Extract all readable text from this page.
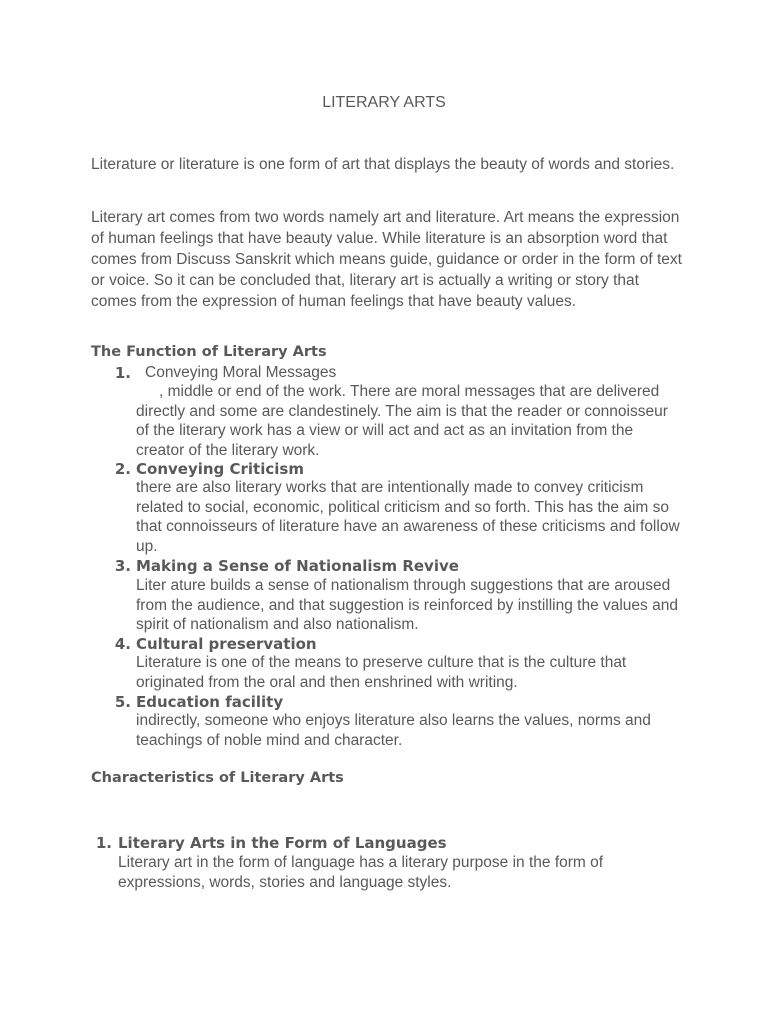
LITERARY ARTS

Literature or literature is one form of art that displays the beauty of words and stories.

Literary art comes from two words namely art and literature. Art means the expression of human feelings that have beauty value. While literature is an absorption word that comes from Discuss Sanskrit which means guide, guidance or order in the form of text or voice. So it can be concluded that, literary art is actually a writing or story that comes from the expression of human feelings that have beauty values.

The Function of Literary Arts
1. Conveying Moral Messages

, middle or end of the work. There are moral messages that are delivered directly and some are clandestinely. The aim is that the reader or connoisseur of the literary work has a view or will act and act as an invitation from the creator of the literary work.

2. Conveying Criticism

there are also literary works that are intentionally made to convey criticism related to social, economic, political criticism and so forth. This has the aim so that connoisseurs of literature have an awareness of these criticisms and follow up.

3. Making a Sense of Nationalism Revive

Liter ature builds a sense of nationalism through suggestions that are aroused from the audience, and that suggestion is reinforced by instilling the values and spirit of nationalism and also nationalism.

4. Cultural preservation

Literature is one of the means to preserve culture that is the culture that originated from the oral and then enshrined with writing.

5. Education facility

indirectly, someone who enjoys literature also learns the values, norms and teachings of noble mind and character.

Characteristics of Literary Arts
1. Literary Arts in the Form of Languages

Literary art in the form of language has a literary purpose in the form of expressions, words, stories and language styles.
